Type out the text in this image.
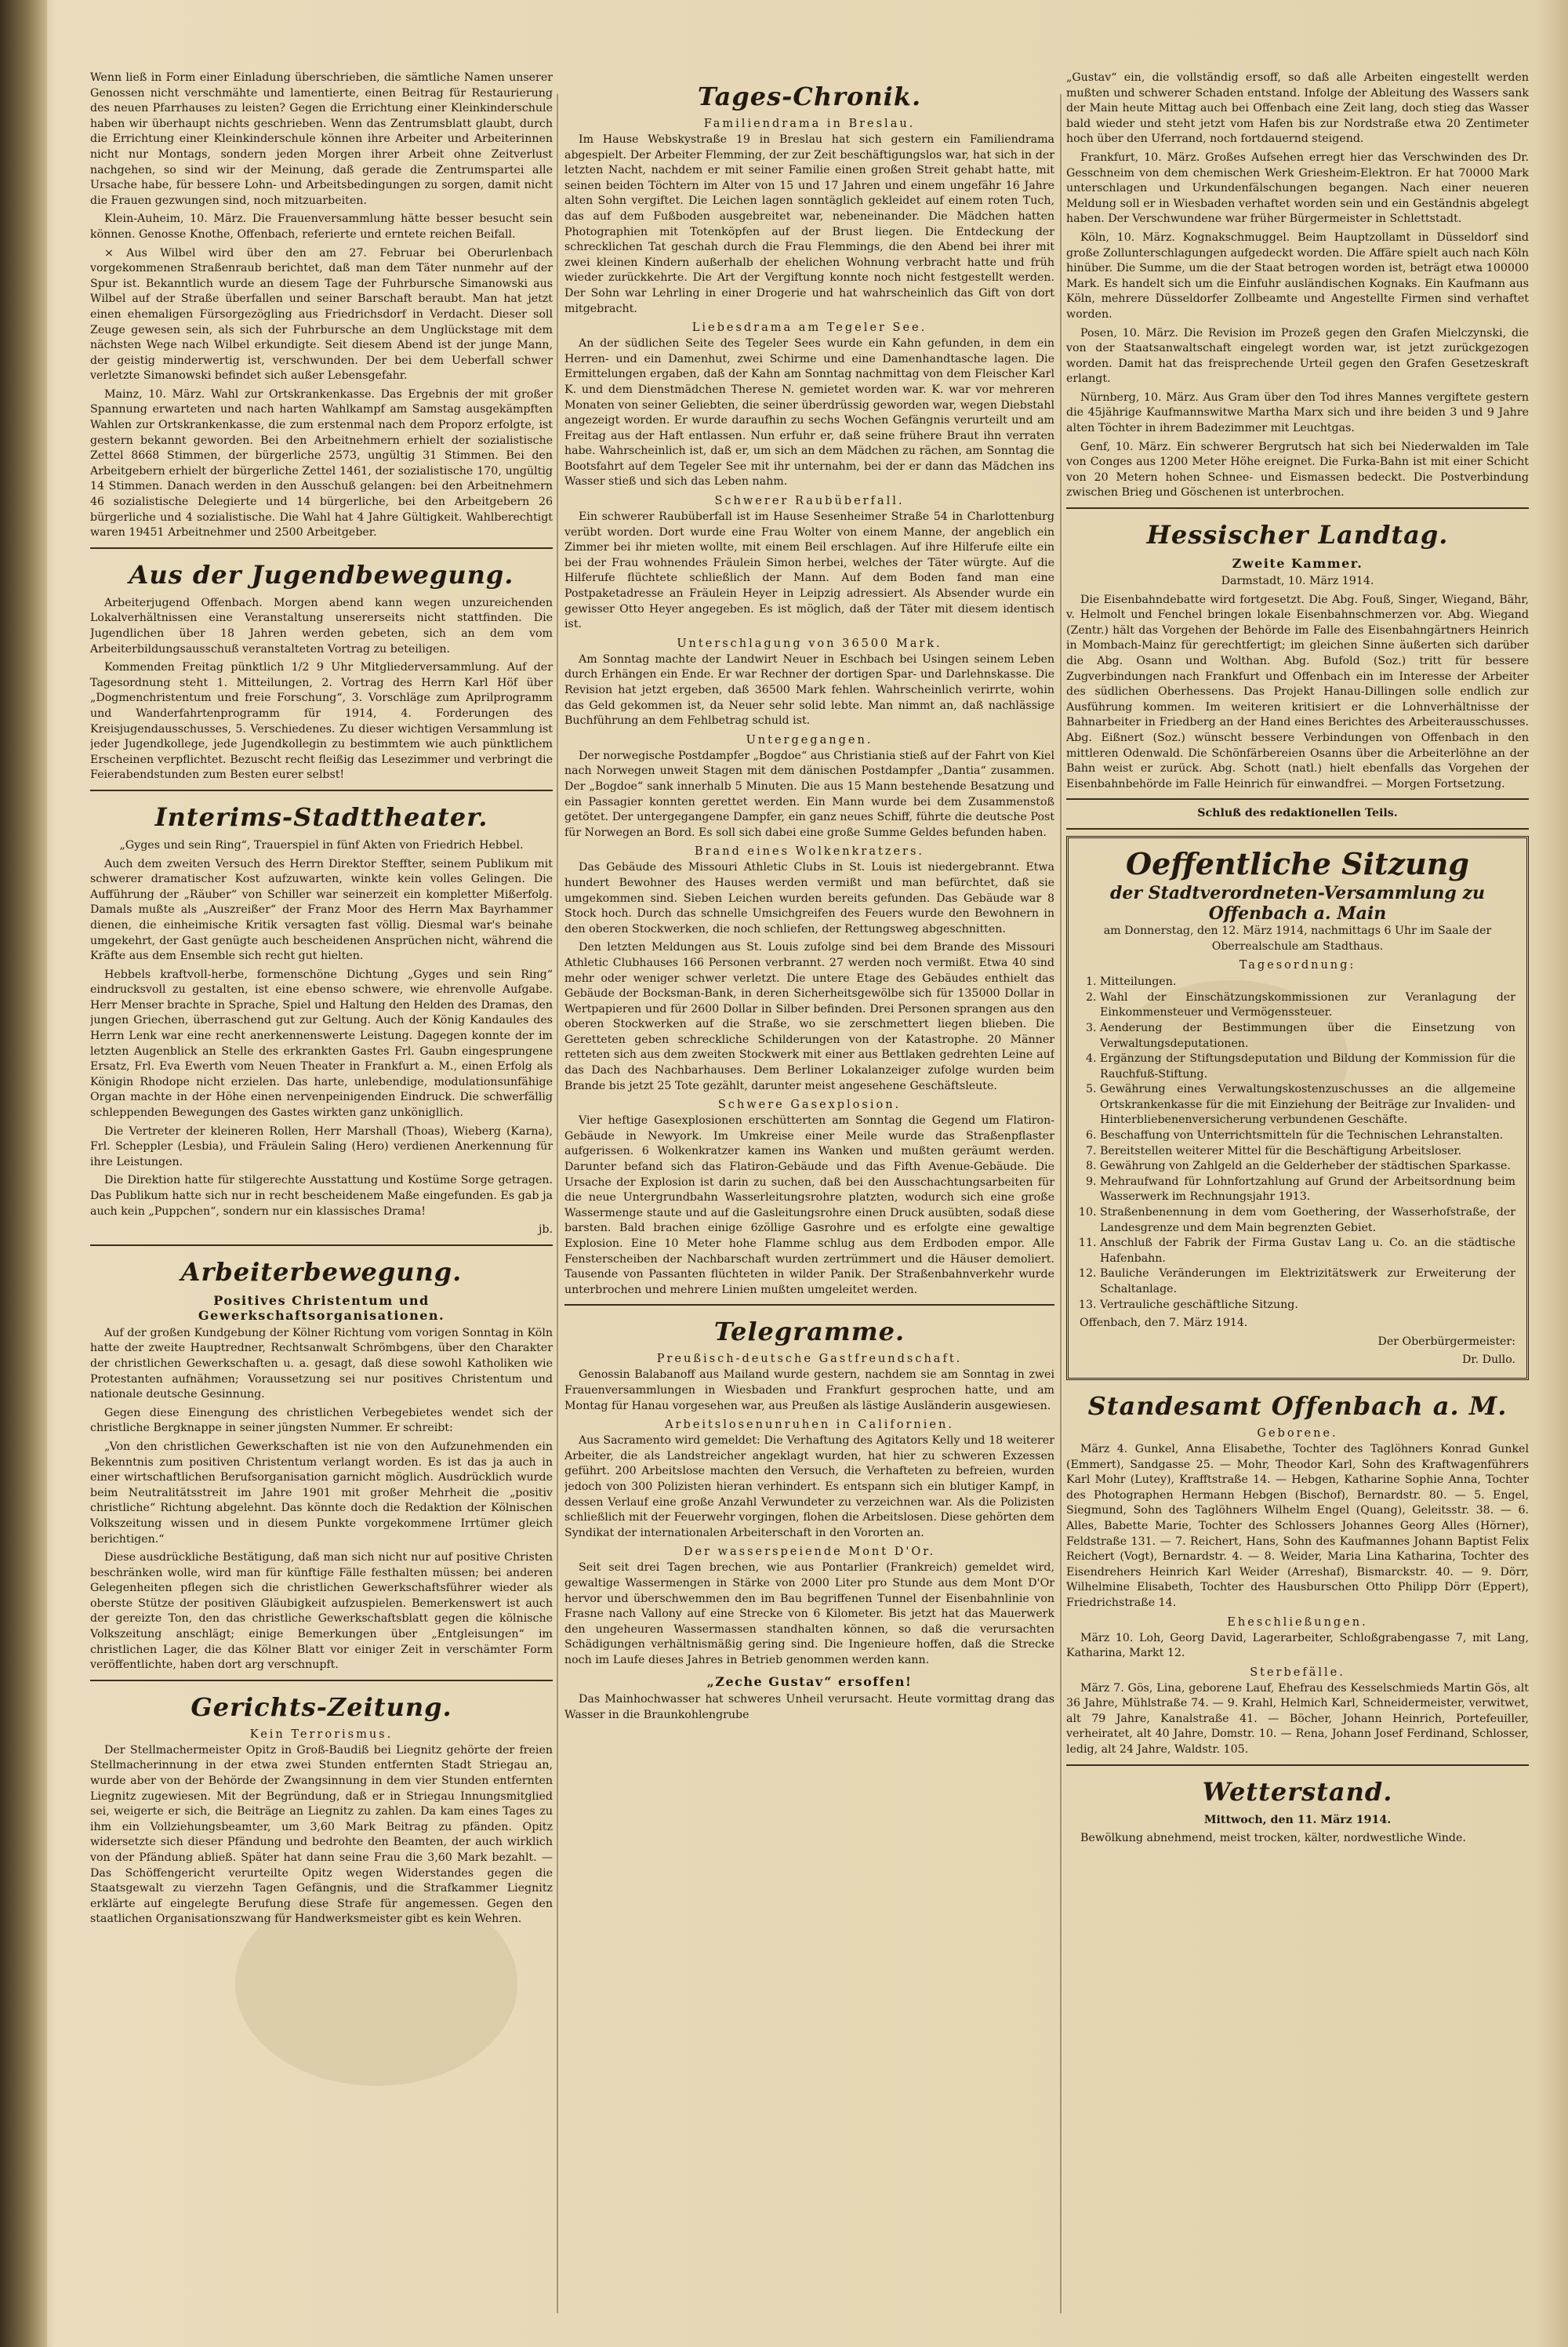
Wenn ließ in Form einer Einladung überschrieben, die sämtliche Namen unserer Genossen nicht verschmähte und lamentierte, einen Beitrag für Restaurierung des neuen Pfarrhauses zu leisten? Gegen die Errichtung einer Kleinkinderschule haben wir überhaupt nichts geschrieben. Wenn das Zentrumsblatt glaubt, durch die Errichtung einer Kleinkinderschule können ihre Arbeiter und Arbeiterinnen nicht nur Montags, sondern jeden Morgen ihrer Arbeit ohne Zeitverlust nachgehen, so sind wir der Meinung, daß gerade die Zentrumspartei alle Ursache habe, für bessere Lohn- und Arbeitsbedingungen zu sorgen, damit nicht die Frauen gezwungen sind, noch mitzuarbeiten.

Klein-Auheim, 10. März. Die Frauenversammlung hätte besser besucht sein können. Genosse Knothe, Offenbach, referierte und erntete reichen Beifall.

× Aus Wilbel wird über den am 27. Februar bei Oberurlenbach vorgekommenen Straßenraub berichtet, daß man dem Täter nunmehr auf der Spur ist. Bekanntlich wurde an diesem Tage der Fuhrbursche Simanowski aus Wilbel auf der Straße überfallen und seiner Barschaft beraubt. Man hat jetzt einen ehemaligen Fürsorgezögling aus Friedrichsdorf in Verdacht. Dieser soll Zeuge gewesen sein, als sich der Fuhrbursche an dem Unglückstage mit dem nächsten Wege nach Wilbel erkundigte. Seit diesem Abend ist der junge Mann, der geistig minderwertig ist, verschwunden. Der bei dem Ueberfall schwer verletzte Simanowski befindet sich außer Lebensgefahr.

Mainz, 10. März. Wahl zur Ortskrankenkasse. Das Ergebnis der mit großer Spannung erwarteten und nach harten Wahlkampf am Samstag ausgekämpften Wahlen zur Ortskrankenkasse, die zum erstenmal nach dem Proporz erfolgte, ist gestern bekannt geworden. Bei den Arbeitnehmern erhielt der sozialistische Zettel 8668 Stimmen, der bürgerliche 2573, ungültig 31 Stimmen. Bei den Arbeitgebern erhielt der bürgerliche Zettel 1461, der sozialistische 170, ungültig 14 Stimmen. Danach werden in den Ausschuß gelangen: bei den Arbeitnehmern 46 sozialistische Delegierte und 14 bürgerliche, bei den Arbeitgebern 26 bürgerliche und 4 sozialistische. Die Wahl hat 4 Jahre Gültigkeit. Wahlberechtigt waren 19451 Arbeitnehmer und 2500 Arbeitgeber.

Aus der Jugendbewegung.

Arbeiterjugend Offenbach. Morgen abend kann wegen unzureichenden Lokalverhältnissen eine Veranstaltung unsererseits nicht stattfinden. Die Jugendlichen über 18 Jahren werden gebeten, sich an dem vom Arbeiterbildungsausschuß veranstalteten Vortrag zu beteiligen.

Kommenden Freitag pünktlich 1/2 9 Uhr Mitgliederversammlung. Auf der Tagesordnung steht 1. Mitteilungen, 2. Vortrag des Herrn Karl Höf über „Dogmenchristentum und freie Forschung“, 3. Vorschläge zum Aprilprogramm und Wanderfahrtenprogramm für 1914, 4. Forderungen des Kreisjugendausschusses, 5. Verschiedenes. Zu dieser wichtigen Versammlung ist jeder Jugendkollege, jede Jugendkollegin zu bestimmtem wie auch pünktlichem Erscheinen verpflichtet. Bezuscht recht fleißig das Lesezimmer und verbringt die Feierabendstunden zum Besten eurer selbst!

Interims-Stadttheater.

„Gyges und sein Ring“, Trauerspiel in fünf Akten von Friedrich Hebbel.

Auch dem zweiten Versuch des Herrn Direktor Steffter, seinem Publikum mit schwerer dramatischer Kost aufzuwarten, winkte kein volles Gelingen. Die Aufführung der „Räuber“ von Schiller war seinerzeit ein kompletter Mißerfolg. Damals mußte als „Auszreißer“ der Franz Moor des Herrn Max Bayrhammer dienen, die einheimische Kritik versagten fast völlig. Diesmal war's beinahe umgekehrt, der Gast genügte auch bescheidenen Ansprüchen nicht, während die Kräfte aus dem Ensemble sich recht gut hielten.

Hebbels kraftvoll-herbe, formenschöne Dichtung „Gyges und sein Ring“ eindrucksvoll zu gestalten, ist eine ebenso schwere, wie ehrenvolle Aufgabe. Herr Menser brachte in Sprache, Spiel und Haltung den Helden des Dramas, den jungen Griechen, überraschend gut zur Geltung. Auch der König Kandaules des Herrn Lenk war eine recht anerkennenswerte Leistung. Dagegen konnte der im letzten Augenblick an Stelle des erkrankten Gastes Frl. Gaubn eingesprungene Ersatz, Frl. Eva Ewerth vom Neuen Theater in Frankfurt a. M., einen Erfolg als Königin Rhodope nicht erzielen. Das harte, unlebendige, modulationsunfähige Organ machte in der Höhe einen nervenpeinigenden Eindruck. Die schwerfällig schleppenden Bewegungen des Gastes wirkten ganz unkönigllich.

Die Vertreter der kleineren Rollen, Herr Marshall (Thoas), Wieberg (Karna), Frl. Scheppler (Lesbia), und Fräulein Saling (Hero) verdienen Anerkennung für ihre Leistungen.

Die Direktion hatte für stilgerechte Ausstattung und Kostüme Sorge getragen. Das Publikum hatte sich nur in recht bescheidenem Maße eingefunden. Es gab ja auch kein „Puppchen“, sondern nur ein klassisches Drama!

jb.

Arbeiterbewegung.
Positives Christentum und Gewerkschaftsorganisationen.

Auf der großen Kundgebung der Kölner Richtung vom vorigen Sonntag in Köln hatte der zweite Hauptredner, Rechtsanwalt Schrömbgens, über den Charakter der christlichen Gewerkschaften u. a. gesagt, daß diese sowohl Katholiken wie Protestanten aufnähmen; Voraussetzung sei nur positives Christentum und nationale deutsche Gesinnung.

Gegen diese Einengung des christlichen Verbegebietes wendet sich der christliche Bergknappe in seiner jüngsten Nummer. Er schreibt:

„Von den christlichen Gewerkschaften ist nie von den Aufzunehmenden ein Bekenntnis zum positiven Christentum verlangt worden. Es ist das ja auch in einer wirtschaftlichen Berufsorganisation garnicht möglich. Ausdrücklich wurde beim Neutralitätsstreit im Jahre 1901 mit großer Mehrheit die „positiv christliche“ Richtung abgelehnt. Das könnte doch die Redaktion der Kölnischen Volkszeitung wissen und in diesem Punkte vorgekommene Irrtümer gleich berichtigen.“

Diese ausdrückliche Bestätigung, daß man sich nicht nur auf positive Christen beschränken wolle, wird man für künftige Fälle festhalten müssen; bei anderen Gelegenheiten pflegen sich die christlichen Gewerkschaftsführer wieder als oberste Stütze der positiven Gläubigkeit aufzuspielen. Bemerkenswert ist auch der gereizte Ton, den das christliche Gewerkschaftsblatt gegen die kölnische Volkszeitung anschlägt; einige Bemerkungen über „Entgleisungen“ im christlichen Lager, die das Kölner Blatt vor einiger Zeit in verschämter Form veröffentlichte, haben dort arg verschnupft.

Gerichts-Zeitung.
Kein Terrorismus.

Der Stellmachermeister Opitz in Groß-Baudiß bei Liegnitz gehörte der freien Stellmacherinnung in der etwa zwei Stunden entfernten Stadt Striegau an, wurde aber von der Behörde der Zwangsinnung in dem vier Stunden entfernten Liegnitz zugewiesen. Mit der Begründung, daß er in Striegau Innungsmitglied sei, weigerte er sich, die Beiträge an Liegnitz zu zahlen. Da kam eines Tages zu ihm ein Vollziehungsbeamter, um 3,60 Mark Beitrag zu pfänden. Opitz widersetzte sich dieser Pfändung und bedrohte den Beamten, der auch wirklich von der Pfändung abließ. Später hat dann seine Frau die 3,60 Mark bezahlt. — Das Schöffengericht verurteilte Opitz wegen Widerstandes gegen die Staatsgewalt zu vierzehn Tagen Gefängnis, und die Strafkammer Liegnitz erklärte auf eingelegte Berufung diese Strafe für angemessen. Gegen den staatlichen Organisationszwang für Handwerksmeister gibt es kein Wehren.

Tages-Chronik.
Familiendrama in Breslau.

Im Hause Webskystraße 19 in Breslau hat sich gestern ein Familiendrama abgespielt. Der Arbeiter Flemming, der zur Zeit beschäftigungslos war, hat sich in der letzten Nacht, nachdem er mit seiner Familie einen großen Streit gehabt hatte, mit seinen beiden Töchtern im Alter von 15 und 17 Jahren und einem ungefähr 16 Jahre alten Sohn vergiftet. Die Leichen lagen sonntäglich gekleidet auf einem roten Tuch, das auf dem Fußboden ausgebreitet war, nebeneinander. Die Mädchen hatten Photographien mit Totenköpfen auf der Brust liegen. Die Entdeckung der schrecklichen Tat geschah durch die Frau Flemmings, die den Abend bei ihrer mit zwei kleinen Kindern außerhalb der ehelichen Wohnung verbracht hatte und früh wieder zurückkehrte. Die Art der Vergiftung konnte noch nicht festgestellt werden. Der Sohn war Lehrling in einer Drogerie und hat wahrscheinlich das Gift von dort mitgebracht.

Liebesdrama am Tegeler See.

An der südlichen Seite des Tegeler Sees wurde ein Kahn gefunden, in dem ein Herren- und ein Damenhut, zwei Schirme und eine Damenhandtasche lagen. Die Ermittelungen ergaben, daß der Kahn am Sonntag nachmittag von dem Fleischer Karl K. und dem Dienstmädchen Therese N. gemietet worden war. K. war vor mehreren Monaten von seiner Geliebten, die seiner überdrüssig geworden war, wegen Diebstahl angezeigt worden. Er wurde daraufhin zu sechs Wochen Gefängnis verurteilt und am Freitag aus der Haft entlassen. Nun erfuhr er, daß seine frühere Braut ihn verraten habe. Wahrscheinlich ist, daß er, um sich an dem Mädchen zu rächen, am Sonntag die Bootsfahrt auf dem Tegeler See mit ihr unternahm, bei der er dann das Mädchen ins Wasser stieß und sich das Leben nahm.

Schwerer Raubüberfall.

Ein schwerer Raubüberfall ist im Hause Sesenheimer Straße 54 in Charlottenburg verübt worden. Dort wurde eine Frau Wolter von einem Manne, der angeblich ein Zimmer bei ihr mieten wollte, mit einem Beil erschlagen. Auf ihre Hilferufe eilte ein bei der Frau wohnendes Fräulein Simon herbei, welches der Täter würgte. Auf die Hilferufe flüchtete schließlich der Mann. Auf dem Boden fand man eine Postpaketadresse an Fräulein Heyer in Leipzig adressiert. Als Absender wurde ein gewisser Otto Heyer angegeben. Es ist möglich, daß der Täter mit diesem identisch ist.

Unterschlagung von 36500 Mark.

Am Sonntag machte der Landwirt Neuer in Eschbach bei Usingen seinem Leben durch Erhängen ein Ende. Er war Rechner der dortigen Spar- und Darlehnskasse. Die Revision hat jetzt ergeben, daß 36500 Mark fehlen. Wahrscheinlich verirrte, wohin das Geld gekommen ist, da Neuer sehr solid lebte. Man nimmt an, daß nachlässige Buchführung an dem Fehlbetrag schuld ist.

Untergegangen.

Der norwegische Postdampfer „Bogdoe“ aus Christiania stieß auf der Fahrt von Kiel nach Norwegen unweit Stagen mit dem dänischen Postdampfer „Dantia“ zusammen. Der „Bogdoe“ sank innerhalb 5 Minuten. Die aus 15 Mann bestehende Besatzung und ein Passagier konnten gerettet werden. Ein Mann wurde bei dem Zusammenstoß getötet. Der untergegangene Dampfer, ein ganz neues Schiff, führte die deutsche Post für Norwegen an Bord. Es soll sich dabei eine große Summe Geldes befunden haben.

Brand eines Wolkenkratzers.

Das Gebäude des Missouri Athletic Clubs in St. Louis ist niedergebrannt. Etwa hundert Bewohner des Hauses werden vermißt und man befürchtet, daß sie umgekommen sind. Sieben Leichen wurden bereits gefunden. Das Gebäude war 8 Stock hoch. Durch das schnelle Umsichgreifen des Feuers wurde den Bewohnern in den oberen Stockwerken, die noch schliefen, der Rettungsweg abgeschnitten.

Den letzten Meldungen aus St. Louis zufolge sind bei dem Brande des Missouri Athletic Clubhauses 166 Personen verbrannt. 27 werden noch vermißt. Etwa 40 sind mehr oder weniger schwer verletzt. Die untere Etage des Gebäudes enthielt das Gebäude der Bocksman-Bank, in deren Sicherheitsgewölbe sich für 135000 Dollar in Wertpapieren und für 2600 Dollar in Silber befinden. Drei Personen sprangen aus den oberen Stockwerken auf die Straße, wo sie zerschmettert liegen blieben. Die Geretteten geben schreckliche Schilderungen von der Katastrophe. 20 Männer retteten sich aus dem zweiten Stockwerk mit einer aus Bettlaken gedrehten Leine auf das Dach des Nachbarhauses. Dem Berliner Lokalanzeiger zufolge wurden beim Brande bis jetzt 25 Tote gezählt, darunter meist angesehene Geschäftsleute.

Schwere Gasexplosion.

Vier heftige Gasexplosionen erschütterten am Sonntag die Gegend um Flatiron-Gebäude in Newyork. Im Umkreise einer Meile wurde das Straßenpflaster aufgerissen. 6 Wolkenkratzer kamen ins Wanken und mußten geräumt werden. Darunter befand sich das Flatiron-Gebäude und das Fifth Avenue-Gebäude. Die Ursache der Explosion ist darin zu suchen, daß bei den Ausschachtungsarbeiten für die neue Untergrundbahn Wasserleitungsrohre platzten, wodurch sich eine große Wassermenge staute und auf die Gasleitungsrohre einen Druck ausübten, sodaß diese barsten. Bald brachen einige 6zöllige Gasrohre und es erfolgte eine gewaltige Explosion. Eine 10 Meter hohe Flamme schlug aus dem Erdboden empor. Alle Fensterscheiben der Nachbarschaft wurden zertrümmert und die Häuser demoliert. Tausende von Passanten flüchteten in wilder Panik. Der Straßenbahnverkehr wurde unterbrochen und mehrere Linien mußten umgeleitet werden.

Telegramme.
Preußisch-deutsche Gastfreundschaft.

Genossin Balabanoff aus Mailand wurde gestern, nachdem sie am Sonntag in zwei Frauenversammlungen in Wiesbaden und Frankfurt gesprochen hatte, und am Montag für Hanau vorgesehen war, aus Preußen als lästige Ausländerin ausgewiesen.

Arbeitslosenunruhen in Californien.

Aus Sacramento wird gemeldet: Die Verhaftung des Agitators Kelly und 18 weiterer Arbeiter, die als Landstreicher angeklagt wurden, hat hier zu schweren Exzessen geführt. 200 Arbeitslose machten den Versuch, die Verhafteten zu befreien, wurden jedoch von 300 Polizisten hieran verhindert. Es entspann sich ein blutiger Kampf, in dessen Verlauf eine große Anzahl Verwundeter zu verzeichnen war. Als die Polizisten schließlich mit der Feuerwehr vorgingen, flohen die Arbeitslosen. Diese gehörten dem Syndikat der internationalen Arbeiterschaft in den Vororten an.

Der wasserspeiende Mont D'Or.

Seit seit drei Tagen brechen, wie aus Pontarlier (Frankreich) gemeldet wird, gewaltige Wassermengen in Stärke von 2000 Liter pro Stunde aus dem Mont D'Or hervor und überschwemmen den im Bau begriffenen Tunnel der Eisenbahnlinie von Frasne nach Vallony auf eine Strecke von 6 Kilometer. Bis jetzt hat das Mauerwerk den ungeheuren Wassermassen standhalten können, so daß die verursachten Schädigungen verhältnismäßig gering sind. Die Ingenieure hoffen, daß die Strecke noch im Laufe dieses Jahres in Betrieb genommen werden kann.

„Zeche Gustav“ ersoffen!

Das Mainhochwasser hat schweres Unheil verursacht. Heute vormittag drang das Wasser in die Braunkohlengrube

„Gustav“ ein, die vollständig ersoff, so daß alle Arbeiten eingestellt werden mußten und schwerer Schaden entstand. Infolge der Ableitung des Wassers sank der Main heute Mittag auch bei Offenbach eine Zeit lang, doch stieg das Wasser bald wieder und steht jetzt vom Hafen bis zur Nordstraße etwa 20 Zentimeter hoch über den Uferrand, noch fortdauernd steigend.

Frankfurt, 10. März. Großes Aufsehen erregt hier das Verschwinden des Dr. Gesschneim von dem chemischen Werk Griesheim-Elektron. Er hat 70000 Mark unterschlagen und Urkundenfälschungen begangen. Nach einer neueren Meldung soll er in Wiesbaden verhaftet worden sein und ein Geständnis abgelegt haben. Der Verschwundene war früher Bürgermeister in Schlettstadt.

Köln, 10. März. Kognakschmuggel. Beim Hauptzollamt in Düsseldorf sind große Zollunterschlagungen aufgedeckt worden. Die Affäre spielt auch nach Köln hinüber. Die Summe, um die der Staat betrogen worden ist, beträgt etwa 100000 Mark. Es handelt sich um die Einfuhr ausländischen Kognaks. Ein Kaufmann aus Köln, mehrere Düsseldorfer Zollbeamte und Angestellte Firmen sind verhaftet worden.

Posen, 10. März. Die Revision im Prozeß gegen den Grafen Mielczynski, die von der Staatsanwaltschaft eingelegt worden war, ist jetzt zurückgezogen worden. Damit hat das freisprechende Urteil gegen den Grafen Gesetzeskraft erlangt.

Nürnberg, 10. März. Aus Gram über den Tod ihres Mannes vergiftete gestern die 45jährige Kaufmannswitwe Martha Marx sich und ihre beiden 3 und 9 Jahre alten Töchter in ihrem Badezimmer mit Leuchtgas.

Genf, 10. März. Ein schwerer Bergrutsch hat sich bei Niederwalden im Tale von Conges aus 1200 Meter Höhe ereignet. Die Furka-Bahn ist mit einer Schicht von 20 Metern hohen Schnee- und Eismassen bedeckt. Die Postverbindung zwischen Brieg und Göschenen ist unterbrochen.

Hessischer Landtag.
Zweite Kammer.

Darmstadt, 10. März 1914.

Die Eisenbahndebatte wird fortgesetzt. Die Abg. Fouß, Singer, Wiegand, Bähr, v. Helmolt und Fenchel bringen lokale Eisenbahnschmerzen vor. Abg. Wiegand (Zentr.) hält das Vorgehen der Behörde im Falle des Eisenbahngärtners Heinrich in Mombach-Mainz für gerechtfertigt; im gleichen Sinne äußerten sich darüber die Abg. Osann und Wolthan. Abg. Bufold (Soz.) tritt für bessere Zugverbindungen nach Frankfurt und Offenbach ein im Interesse der Arbeiter des südlichen Oberhessens. Das Projekt Hanau-Dillingen solle endlich zur Ausführung kommen. Im weiteren kritisiert er die Lohnverhältnisse der Bahnarbeiter in Friedberg an der Hand eines Berichtes des Arbeiterausschusses. Abg. Eißnert (Soz.) wünscht bessere Verbindungen von Offenbach in den mittleren Odenwald. Die Schönfärbereien Osanns über die Arbeiterlöhne an der Bahn weist er zurück. Abg. Schott (natl.) hielt ebenfalls das Vorgehen der Eisenbahnbehörde im Falle Heinrich für einwandfrei. — Morgen Fortsetzung.

Schluß des redaktionellen Teils.

Oeffentliche Sitzung
der Stadtverordneten-Versammlung zu Offenbach a. Main

am Donnerstag, den 12. März 1914, nachmittags 6 Uhr im Saale der Oberrealschule am Stadthaus.

Tagesordnung:
1. Mitteilungen.
2. Wahl der Einschätzungskommissionen zur Veranlagung der Einkommensteuer und Vermögenssteuer.
3. Aenderung der Bestimmungen über die Einsetzung von Verwaltungsdeputationen.
4. Ergänzung der Stiftungsdeputation und Bildung der Kommission für die Rauchfuß-Stiftung.
5. Gewährung eines Verwaltungskostenzuschusses an die allgemeine Ortskrankenkasse für die mit Einziehung der Beiträge zur Invaliden- und Hinterbliebenenversicherung verbundenen Geschäfte.
6. Beschaffung von Unterrichtsmitteln für die Technischen Lehranstalten.
7. Bereitstellen weiterer Mittel für die Beschäftigung Arbeitsloser.
8. Gewährung von Zahlgeld an die Gelderheber der städtischen Sparkasse.
9. Mehraufwand für Lohnfortzahlung auf Grund der Arbeitsordnung beim Wasserwerk im Rechnungsjahr 1913.
10. Straßenbenennung in dem vom Goethering, der Wasserhofstraße, der Landesgrenze und dem Main begrenzten Gebiet.
11. Anschluß der Fabrik der Firma Gustav Lang u. Co. an die städtische Hafenbahn.
12. Bauliche Veränderungen im Elektrizitätswerk zur Erweiterung der Schaltanlage.
13. Vertrauliche geschäftliche Sitzung.

Offenbach, den 7. März 1914.

Der Oberbürgermeister:

Dr. Dullo.

Standesamt Offenbach a. M.
Geborene.

März 4. Gunkel, Anna Elisabethe, Tochter des Taglöhners Konrad Gunkel (Emmert), Sandgasse 25. — Mohr, Theodor Karl, Sohn des Kraftwagenführers Karl Mohr (Lutey), Krafftstraße 14. — Hebgen, Katharine Sophie Anna, Tochter des Photographen Hermann Hebgen (Bischof), Bernardstr. 80. — 5. Engel, Siegmund, Sohn des Taglöhners Wilhelm Engel (Quang), Geleitsstr. 38. — 6. Alles, Babette Marie, Tochter des Schlossers Johannes Georg Alles (Hörner), Feldstraße 131. — 7. Reichert, Hans, Sohn des Kaufmannes Johann Baptist Felix Reichert (Vogt), Bernardstr. 4. — 8. Weider, Maria Lina Katharina, Tochter des Eisendrehers Heinrich Karl Weider (Arreshaf), Bismarckstr. 40. — 9. Dörr, Wilhelmine Elisabeth, Tochter des Hausburschen Otto Philipp Dörr (Eppert), Friedrichstraße 14.

Eheschließungen.

März 10. Loh, Georg David, Lagerarbeiter, Schloßgrabengasse 7, mit Lang, Katharina, Markt 12.

Sterbefälle.

März 7. Gös, Lina, geborene Lauf, Ehefrau des Kesselschmieds Martin Gös, alt 36 Jahre, Mühlstraße 74. — 9. Krahl, Helmich Karl, Schneidermeister, verwitwet, alt 79 Jahre, Kanalstraße 41. — Böcher, Johann Heinrich, Portefeuiller, verheiratet, alt 40 Jahre, Domstr. 10. — Rena, Johann Josef Ferdinand, Schlosser, ledig, alt 24 Jahre, Waldstr. 105.

Wetterstand.

Mittwoch, den 11. März 1914.

Bewölkung abnehmend, meist trocken, kälter, nordwestliche Winde.
